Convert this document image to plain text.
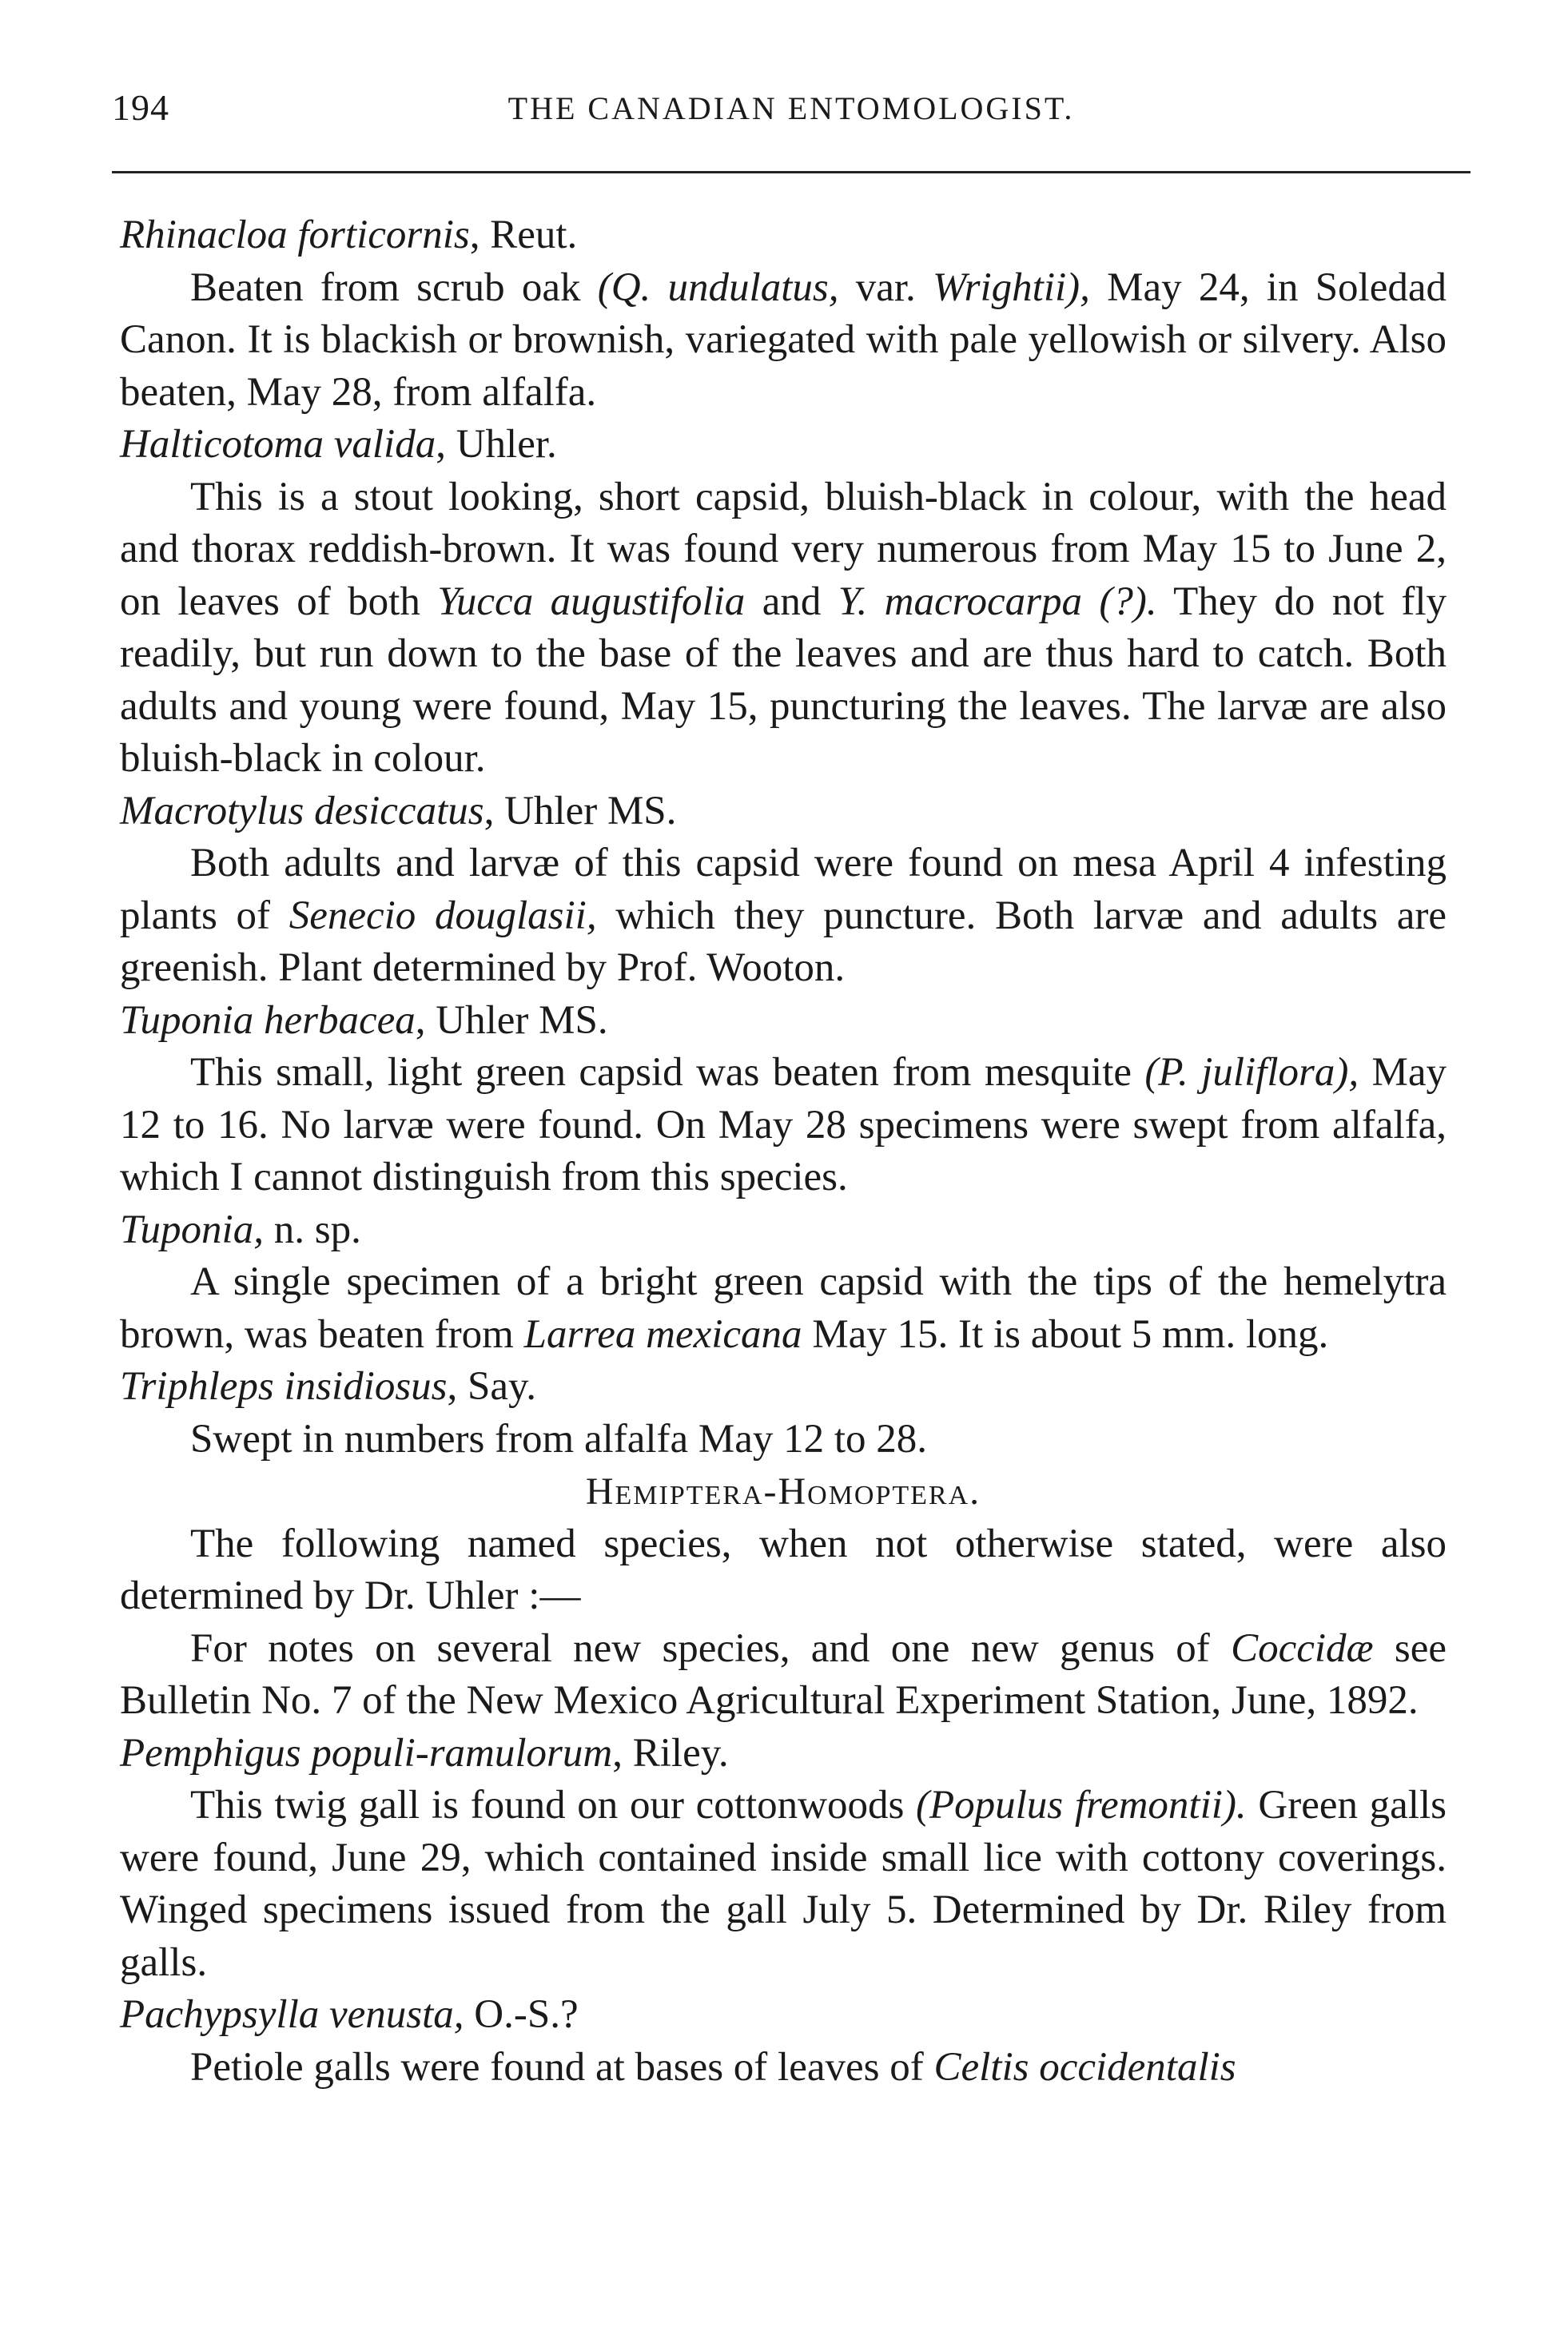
194	THE CANADIAN ENTOMOLOGIST.

Rhinacloa forticornis, Reut.

Beaten from scrub oak (Q. undulatus, var. Wrightii), May 24, in Soledad Canon. It is blackish or brownish, variegated with pale yellowish or silvery. Also beaten, May 28, from alfalfa.

Halticotoma valida, Uhler.

This is a stout looking, short capsid, bluish-black in colour, with the head and thorax reddish-brown. It was found very numerous from May 15 to June 2, on leaves of both Yucca augustifolia and Y. macrocarpa (?). They do not fly readily, but run down to the base of the leaves and are thus hard to catch. Both adults and young were found, May 15, puncturing the leaves. The larvæ are also bluish-black in colour.

Macrotylus desiccatus, Uhler MS.

Both adults and larvæ of this capsid were found on mesa April 4 infesting plants of Senecio douglasii, which they puncture. Both larvæ and adults are greenish. Plant determined by Prof. Wooton.

Tuponia herbacea, Uhler MS.

This small, light green capsid was beaten from mesquite (P. juliflora), May 12 to 16. No larvæ were found. On May 28 specimens were swept from alfalfa, which I cannot distinguish from this species.

Tuponia, n. sp.

A single specimen of a bright green capsid with the tips of the hemelytra brown, was beaten from Larrea mexicana May 15. It is about 5 mm. long.

Triphleps insidiosus, Say.

Swept in numbers from alfalfa May 12 to 28.

Hemiptera-Homoptera.

The following named species, when not otherwise stated, were also determined by Dr. Uhler :—

For notes on several new species, and one new genus of Coccidæ see Bulletin No. 7 of the New Mexico Agricultural Experiment Station, June, 1892.

Pemphigus populi-ramulorum, Riley.

This twig gall is found on our cottonwoods (Populus fremontii). Green galls were found, June 29, which contained inside small lice with cottony coverings. Winged specimens issued from the gall July 5. Determined by Dr. Riley from galls.

Pachypsylla venusta, O.-S.?

Petiole galls were found at bases of leaves of Celtis occidentalis
